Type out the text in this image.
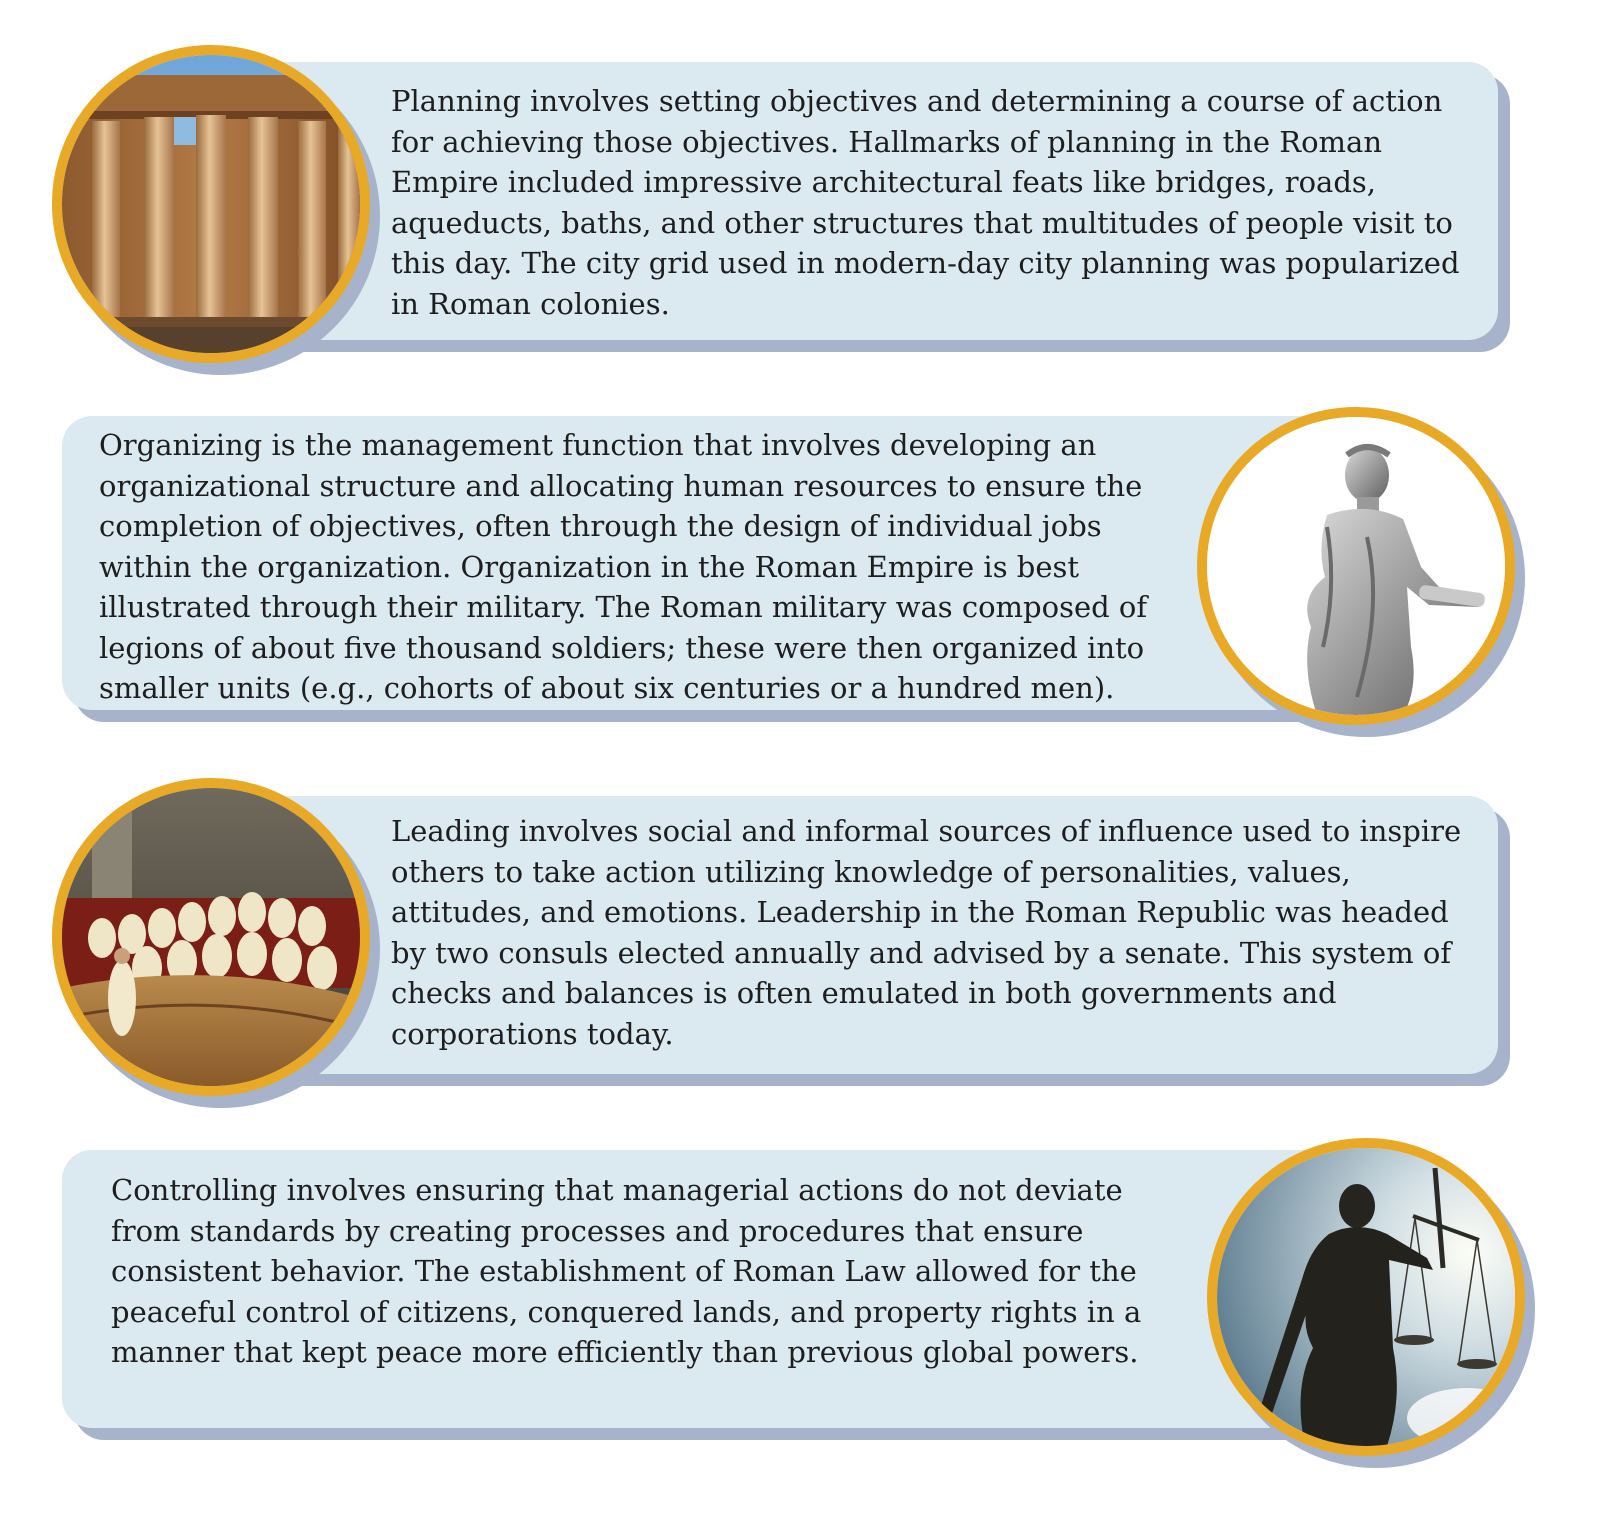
Planning involves setting objectives and determining a course of action for achieving those objectives. Hallmarks of planning in the Roman Empire included impressive architectural feats like bridges, roads, aqueducts, baths, and other structures that multitudes of people visit to this day. The city grid used in modern-day city planning was popularized in Roman colonies.

Organizing is the management function that involves developing an organizational structure and allocating human resources to ensure the completion of objectives, often through the design of individual jobs within the organization. Organization in the Roman Empire is best illustrated through their military. The Roman military was composed of legions of about five thousand soldiers; these were then organized into smaller units (e.g., cohorts of about six centuries or a hundred men).

Leading involves social and informal sources of influence used to inspire others to take action utilizing knowledge of personalities, values, attitudes, and emotions. Leadership in the Roman Republic was headed by two consuls elected annually and advised by a senate. This system of checks and balances is often emulated in both governments and corporations today.

Controlling involves ensuring that managerial actions do not deviate from standards by creating processes and procedures that ensure consistent behavior. The establishment of Roman Law allowed for the peaceful control of citizens, conquered lands, and property rights in a manner that kept peace more efficiently than previous global powers.
